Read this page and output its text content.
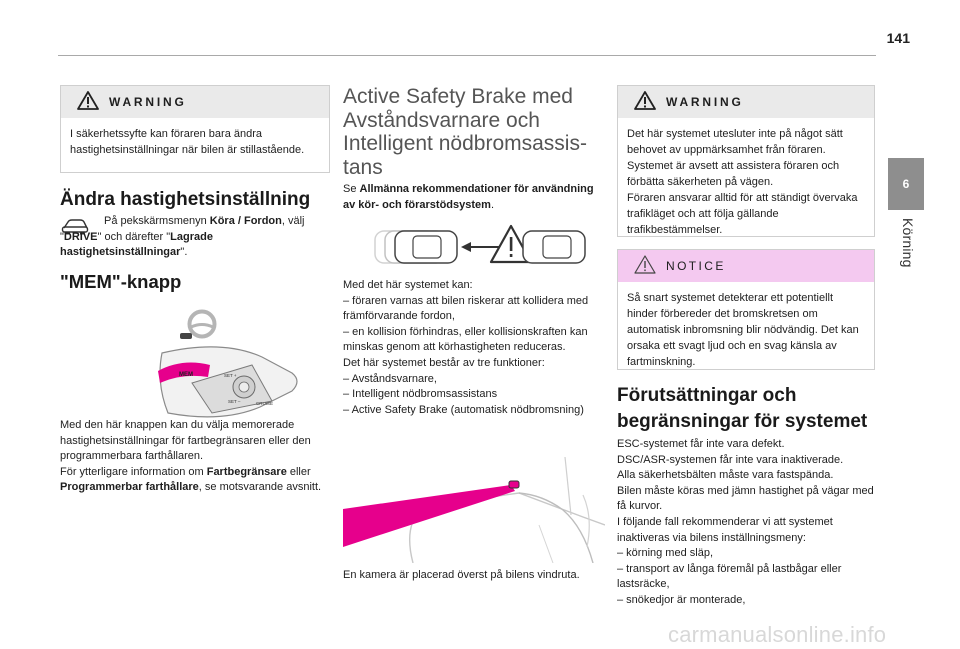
141
6
Körning
WARNING
I säkerhetssyfte kan föraren bara ändra hastighetsinställningar när bilen är stillastående.
Ändra hastighetsinställning
På pekskärmsmenyn Köra / Fordon, välj "DRIVE" och därefter "Lagrade hastighetsinställningar".
"MEM"-knapp
MEM	SET +
SET –	CRUISE
Med den här knappen kan du välja memorerade hastighetsinställningar för fartbegränsaren eller den programmerbara farthållaren.
För ytterligare information om Fartbegränsare eller Programmerbar farthållare, se motsvarande avsnitt.
Active Safety Brake med Avståndsvarnare och Intelligent nödbromsassis-tans
Se Allmänna rekommendationer för användning av kör- och förarstödsystem.
Med det här systemet kan:
– föraren varnas att bilen riskerar att kollidera med främförvarande fordon,
– en kollision förhindras, eller kollisionskraften kan minskas genom att körhastigheten reduceras.
Det här systemet består av tre funktioner:
– Avståndsvarnare,
– Intelligent nödbromsassistans
– Active Safety Brake (automatisk nödbromsning)
En kamera är placerad överst på bilens vindruta.
WARNING
Det här systemet utesluter inte på något sätt behovet av uppmärksamhet från föraren.
Systemet är avsett att assistera föraren och förbätta säkerheten på vägen.
Föraren ansvarar alltid för att ständigt övervaka trafikläget och att följa gällande trafikbestämmelser.
NOTICE
Så snart systemet detekterar ett potentiellt hinder förbereder det bromskretsen om automatisk inbromsning blir nödvändig. Det kan orsaka ett svagt ljud och en svag känsla av fartminskning.
Förutsättningar och begränsningar för systemet
ESC-systemet får inte vara defekt.
DSC/ASR-systemen får inte vara inaktiverade.
Alla säkerhetsbälten måste vara fastspända.
Bilen måste köras med jämn hastighet på vägar med få kurvor.
I följande fall rekommenderar vi att systemet inaktiveras via bilens inställningsmeny:
– körning med släp,
– transport av långa föremål på lastbågar eller lastsräcke,
– snökedjor är monterade,
carmanualsonline.info
